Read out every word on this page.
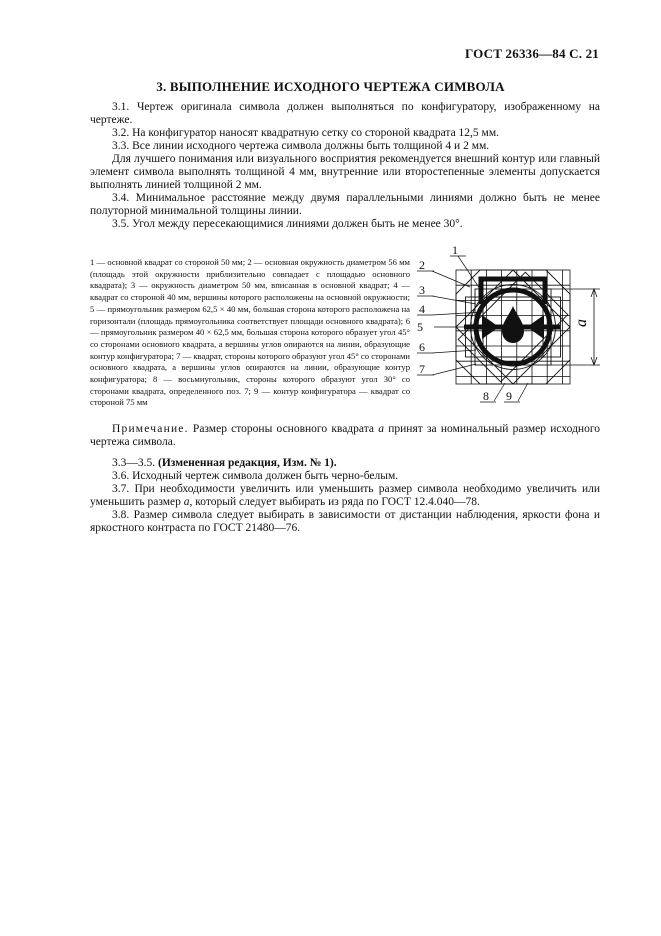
ГОСТ 26336—84 С. 21
3. ВЫПОЛНЕНИЕ ИСХОДНОГО ЧЕРТЕЖА СИМВОЛА

3.1. Чертеж оригинала символа должен выполняться по конфигуратору, изображенному на чертеже.

3.2. На конфигуратор наносят квадратную сетку со стороной квадрата 12,5 мм.

3.3. Все линии исходного чертежа символа должны быть толщиной 4 и 2 мм.

Для лучшего понимания или визуального восприятия рекомендуется внешний контур или главный элемент символа выполнять толщиной 4 мм, внутренние или второстепенные элементы допускается выполнять линией толщиной 2 мм.

3.4. Минимальное расстояние между двумя параллельными линиями должно быть не менее полуторной минимальной толщины линии.

3.5. Угол между пересекающимися линиями должен быть не менее 30°.

1 — основной квадрат со стороной 50 мм; 2 — основная окружность диаметром 56 мм (площадь этой окружности приблизительно совпадает с площадью основного квадрата); 3 — окружность диаметром 50 мм, вписанная в основной квадрат; 4 — квадрат со стороной 40 мм, вершины которого расположены на основной окружности; 5 — прямоугольник размером 62,5 × 40 мм, большая сторона которого расположена на горизонтали (площадь прямоугольника соответствует площади основного квадрата); 6 — прямоугольник размером 40 × 62,5 мм, большая сторона которого образует угол 45° со сторонами основного квадрата, а вершины углов опираются на линии, образующие контур конфигуратора; 7 — квадрат, стороны которого образуют угол 45° со сторонами основного квадрата, а вершины углов опираются на линии, образующие контур конфигуратора; 8 — восьмиугольник, стороны которого образуют угол 30° со сторонами квадрата, определенного поз. 7; 9 — контур конфигуратора — квадрат со стороной 75 мм
a
1
2
3
4
5
6
7
8 9

Примечание. Размер стороны основного квадрата a принят за номинальный размер исходного чертежа символа.

3.3—3.5. (Измененная редакция, Изм. № 1).

3.6. Исходный чертеж символа должен быть черно-белым.

3.7. При необходимости увеличить или уменьшить размер символа необходимо увеличить или уменьшить размер a, который следует выбирать из ряда по ГОСТ 12.4.040—78.

3.8. Размер символа следует выбирать в зависимости от дистанции наблюдения, яркости фона и яркостного контраста по ГОСТ 21480—76.
